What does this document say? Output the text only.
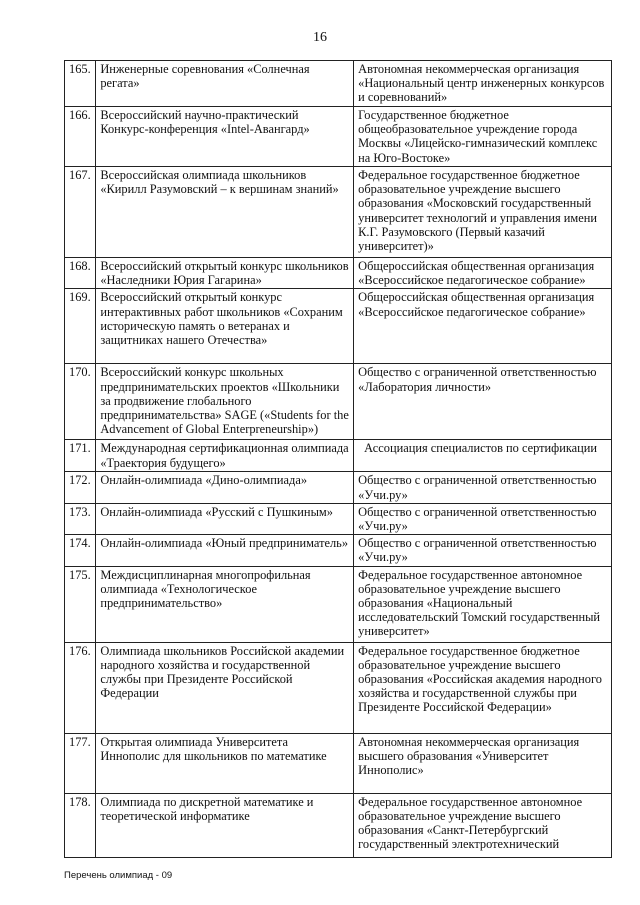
16
165.	Инженерные соревнования «Солнечная регата»	Автономная некоммерческая организация «Национальный центр инженерных конкурсов и соревнований»
166.	Всероссийский научно-практический Конкурс-конференция «Intel-Авангард»	Государственное бюджетное общеобразовательное учреждение города Москвы «Лицейско-гимназический комплекс на Юго-Востоке»
167.	Всероссийская олимпиада школьников «Кирилл Разумовский – к вершинам знаний»	Федеральное государственное бюджетное образовательное учреждение высшего образования «Московский государственный университет технологий и управления имени К.Г. Разумовского (Первый казачий университет)»
168.	Всероссийский открытый конкурс школьников «Наследники Юрия Гагарина»	Общероссийская общественная организация «Всероссийское педагогическое собрание»
169.	Всероссийский открытый конкурс интерактивных работ школьников «Сохраним историческую память о ветеранах и защитниках нашего Отечества»	Общероссийская общественная организация «Всероссийское педагогическое собрание»
170.	Всероссийский конкурс школьных предпринимательских проектов «Школьники за продвижение глобального предпринимательства» SAGE («Students for the Advancement of Global Enterpreneurship»)	Общество с ограниченной ответственностью «Лаборатория личности»
171.	Международная сертификационная олимпиада «Траектория будущего»	Ассоциация специалистов по сертификации
172.	Онлайн-олимпиада «Дино-олимпиада»	Общество с ограниченной ответственностью «Учи.ру»
173.	Онлайн-олимпиада «Русский с Пушкиным»	Общество с ограниченной ответственностью «Учи.ру»
174.	Онлайн-олимпиада «Юный предприниматель»	Общество с ограниченной ответственностью «Учи.ру»
175.	Междисциплинарная многопрофильная олимпиада «Технологическое предпринимательство»	Федеральное государственное автономное образовательное учреждение высшего образования «Национальный исследовательский Томский государственный университет»
176.	Олимпиада школьников Российской академии народного хозяйства и государственной службы при Президенте Российской Федерации	Федеральное государственное бюджетное образовательное учреждение высшего образования «Российская академия народного хозяйства и государственной службы при Президенте Российской Федерации»
177.	Открытая олимпиада Университета Иннополис для школьников по математике	Автономная некоммерческая организация высшего образования «Университет Иннополис»
178.	Олимпиада по дискретной математике и теоретической информатике	Федеральное государственное автономное образовательное учреждение высшего образования «Санкт-Петербургский государственный электротехнический
Перечень олимпиад - 09
